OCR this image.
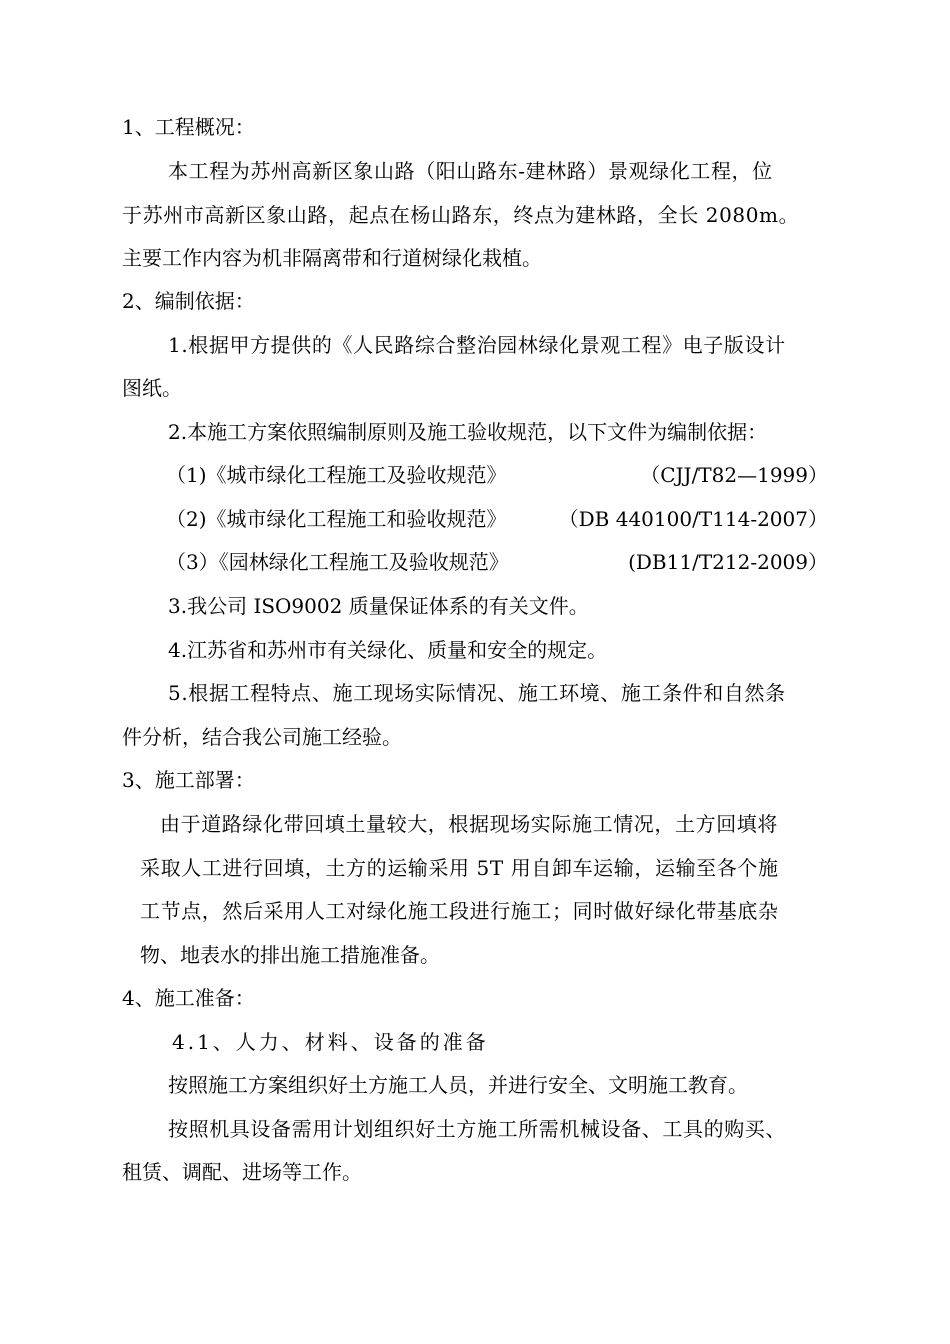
1、工程概况：
本工程为苏州高新区象山路（阳山路东-建林路）景观绿化工程，位
于苏州市高新区象山路，起点在杨山路东，终点为建林路，全长 2080m。
主要工作内容为机非隔离带和行道树绿化栽植。
2、编制依据：
1.根据甲方提供的《人民路综合整治园林绿化景观工程》电子版设计
图纸。
2.本施工方案依照编制原则及施工验收规范，以下文件为编制依据：
（1)《城市绿化工程施工及验收规范》	（CJJ/T82—1999）
（2)《城市绿化工程施工和验收规范》	（DB 440100/T114-2007）
（3）《园林绿化工程施工及验收规范》	(DB11/T212-2009）
3.我公司 ISO9002 质量保证体系的有关文件。
4.江苏省和苏州市有关绿化、质量和安全的规定。
5.根据工程特点、施工现场实际情况、施工环境、施工条件和自然条
件分析，结合我公司施工经验。
3、施工部署：
由于道路绿化带回填土量较大，根据现场实际施工情况，土方回填将
采取人工进行回填，土方的运输采用 5T 用自卸车运输，运输至各个施
工节点，然后采用人工对绿化施工段进行施工；同时做好绿化带基底杂
物、地表水的排出施工措施准备。
4、施工准备：
4.1、人力、材料、设备的准备
按照施工方案组织好土方施工人员，并进行安全、文明施工教育。
按照机具设备需用计划组织好土方施工所需机械设备、工具的购买、
租赁、调配、进场等工作。
